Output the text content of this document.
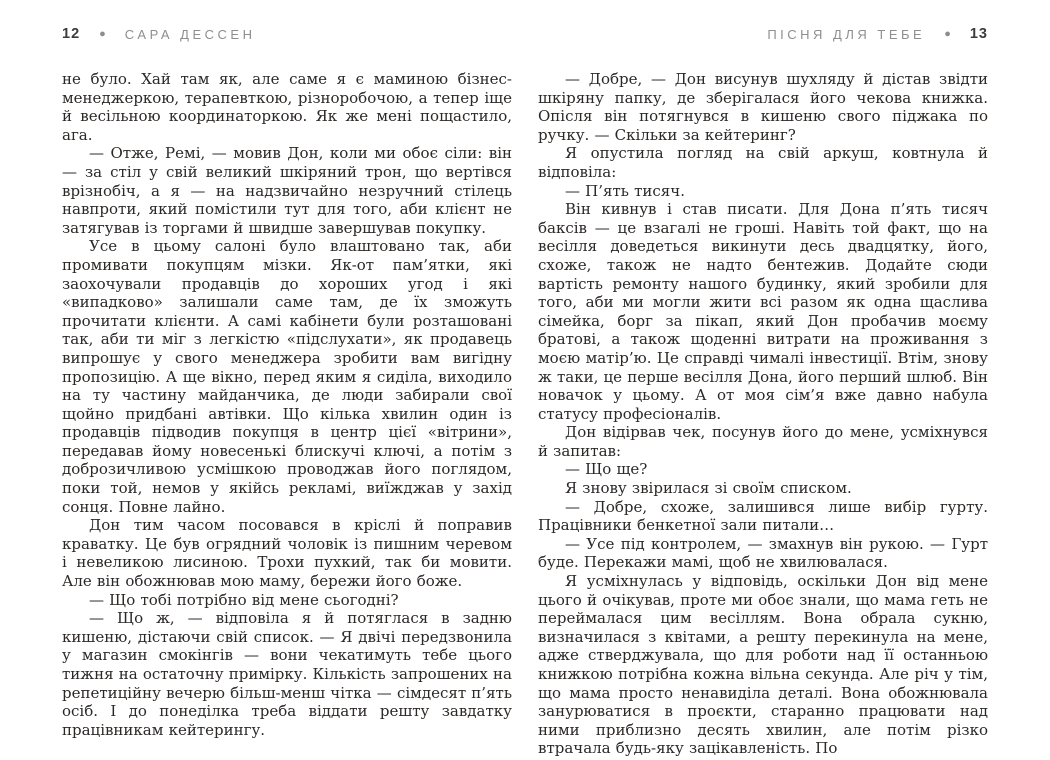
12 ● САРА ДЕССЕН

не було. Хай там як, але саме я є маминою бізнес-менеджеркою, терапевткою, різноробочою, а тепер іще й весільною координаторкою. Як же мені пощастило, ага.

— Отже, Ремі, — мовив Дон, коли ми обоє сіли: він — за стіл у свій великий шкіряний трон, що вертівся врізнобіч, а я — на надзвичайно незручний стілець навпроти, який помістили тут для того, аби клієнт не затягував із торгами й швидше завершував покупку.

Усе в цьому салоні було влаштовано так, аби промивати покупцям мізки. Як-от пам’ятки, які заохочували продавців до хороших угод і які «випадково» залишали саме там, де їх зможуть прочитати клієнти. А самі кабінети були розташовані так, аби ти міг з легкістю «підслухати», як продавець випрошує у свого менеджера зробити вам вигідну пропозицію. А ще вікно, перед яким я сиділа, виходило на ту частину майданчика, де люди забирали свої щойно придбані автівки. Що кілька хвилин один із продавців підводив покупця в центр цієї «вітрини», передавав йому новесенькі блискучі ключі, а потім з доброзичливою усмішкою проводжав його поглядом, поки той, немов у якійсь рекламі, виїжджав у захід сонця. Повне лайно.

Дон тим часом посовався в кріслі й поправив краватку. Це був огрядний чоловік із пишним черевом і невеликою лисиною. Трохи пухкий, так би мовити. Але він обожнював мою маму, бережи його боже.

— Що тобі потрібно від мене сьогодні?

— Що ж, — відповіла я й потяглася в задню кишеню, дістаючи свій список. — Я двічі передзвонила у магазин смокінгів — вони чекатимуть тебе цього тижня на остаточну примірку. Кількість запрошених на репетиційну вечерю більш-менш чітка — сімдесят п’ять осіб. І до понеділка треба віддати решту завдатку працівникам кейтерингу.

ПІСНЯ ДЛЯ ТЕБЕ ● 13

— Добре, — Дон висунув шухляду й дістав звідти шкіряну папку, де зберігалася його чекова книжка. Опісля він потягнувся в кишеню свого піджака по ручку. — Скільки за кейтеринг?

Я опустила погляд на свій аркуш, ковтнула й відповіла:

— П’ять тисяч.

Він кивнув і став писати. Для Дона п’ять тисяч баксів — це взагалі не гроші. Навіть той факт, що на весілля доведеться викинути десь двадцятку, його, схоже, також не надто бентежив. Додайте сюди вартість ремонту нашого будинку, який зробили для того, аби ми могли жити всі разом як одна щаслива сімейка, борг за пікап, який Дон пробачив моєму братові, а також щоденні витрати на проживання з моєю матір’ю. Це справді чималі інвестиції. Втім, знову ж таки, це перше весілля Дона, його перший шлюб. Він новачок у цьому. А от моя сім’я вже давно набула статусу професіоналів.

Дон відірвав чек, посунув його до мене, усміхнувся й запитав:

— Що ще?

Я знову звірилася зі своїм списком.

— Добре, схоже, залишився лише вибір гурту. Працівники бенкетної зали питали…

— Усе під контролем, — змахнув він рукою. — Гурт буде. Перекажи мамі, щоб не хвилювалася.

Я усміхнулась у відповідь, оскільки Дон від мене цього й очікував, проте ми обоє знали, що мама геть не переймалася цим весіллям. Вона обрала сукню, визначилася з квітами, а решту перекинула на мене, адже стверджувала, що для роботи над її останньою книжкою потрібна кожна вільна секунда. Але річ у тім, що мама просто ненавиділа деталі. Вона обожнювала занурюватися в проєкти, старанно працювати над ними приблизно десять хвилин, але потім різко втрачала будь-яку зацікавленість. По
